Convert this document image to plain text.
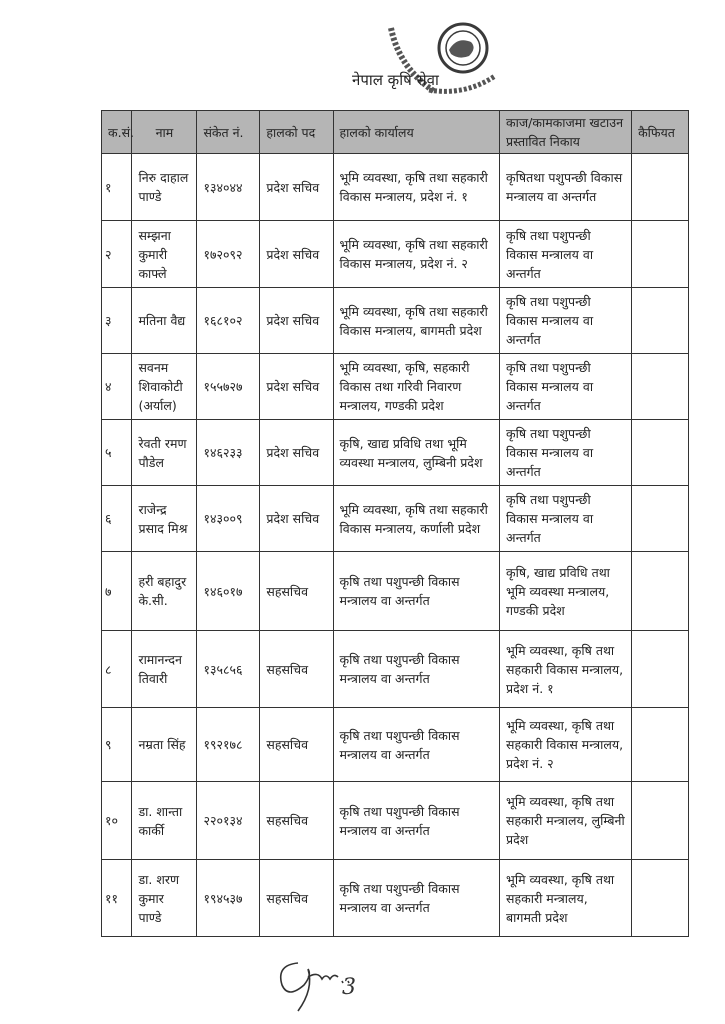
नेपाल कृषि सेवा
क.सं.	नाम	संकेत नं.	हालको पद	हालको कार्यालय	काज/कामकाजमा खटाउन प्रस्तावित निकाय	कैफियत
१	निरु दाहाल पाण्डे	१३४०४४	प्रदेश सचिव	भूमि व्यवस्था, कृषि तथा सहकारी विकास मन्त्रालय, प्रदेश नं. १	कृषितथा पशुपन्छी विकास मन्त्रालय वा अन्तर्गत	
२	सम्झना कुमारी काफ्ले	१७२०९२	प्रदेश सचिव	भूमि व्यवस्था, कृषि तथा सहकारी विकास मन्त्रालय, प्रदेश नं. २	कृषि तथा पशुपन्छी विकास मन्त्रालय वा अन्तर्गत	
३	मतिना वैद्य	१६८१०२	प्रदेश सचिव	भूमि व्यवस्था, कृषि तथा सहकारी विकास मन्त्रालय, बागमती प्रदेश	कृषि तथा पशुपन्छी विकास मन्त्रालय वा अन्तर्गत	
४	सवनम शिवाकोटी (अर्याल)	१५५७२७	प्रदेश सचिव	भूमि व्यवस्था, कृषि, सहकारी विकास तथा गरिवी निवारण मन्त्रालय, गण्डकी प्रदेश	कृषि तथा पशुपन्छी विकास मन्त्रालय वा अन्तर्गत	
५	रेवती रमण पौडेल	१४६२३३	प्रदेश सचिव	कृषि, खाद्य प्रविधि तथा भूमि व्यवस्था मन्त्रालय, लुम्बिनी प्रदेश	कृषि तथा पशुपन्छी विकास मन्त्रालय वा अन्तर्गत	
६	राजेन्द्र प्रसाद मिश्र	१४३००९	प्रदेश सचिव	भूमि व्यवस्था, कृषि तथा सहकारी विकास मन्त्रालय, कर्णाली प्रदेश	कृषि तथा पशुपन्छी विकास मन्त्रालय वा अन्तर्गत	
७	हरी बहादुर के.सी.	१४६०१७	सहसचिव	कृषि तथा पशुपन्छी विकास मन्त्रालय वा अन्तर्गत	कृषि, खाद्य प्रविधि तथा भूमि व्यवस्था मन्त्रालय, गण्डकी प्रदेश	
८	रामानन्दन तिवारी	१३५८५६	सहसचिव	कृषि तथा पशुपन्छी विकास मन्त्रालय वा अन्तर्गत	भूमि व्यवस्था, कृषि तथा सहकारी विकास मन्त्रालय, प्रदेश नं. १	
९	नम्रता सिंह	१९२१७८	सहसचिव	कृषि तथा पशुपन्छी विकास मन्त्रालय वा अन्तर्गत	भूमि व्यवस्था, कृषि तथा सहकारी विकास मन्त्रालय, प्रदेश नं. २	
१०	डा. शान्ता कार्की	२२०१३४	सहसचिव	कृषि तथा पशुपन्छी विकास मन्त्रालय वा अन्तर्गत	भूमि व्यवस्था, कृषि तथा सहकारी मन्त्रालय, लुम्बिनी प्रदेश	
११	डा. शरण कुमार पाण्डे	१९४५३७	सहसचिव	कृषि तथा पशुपन्छी विकास मन्त्रालय वा अन्तर्गत	भूमि व्यवस्था, कृषि तथा सहकारी मन्त्रालय, बागमती प्रदेश	
3
